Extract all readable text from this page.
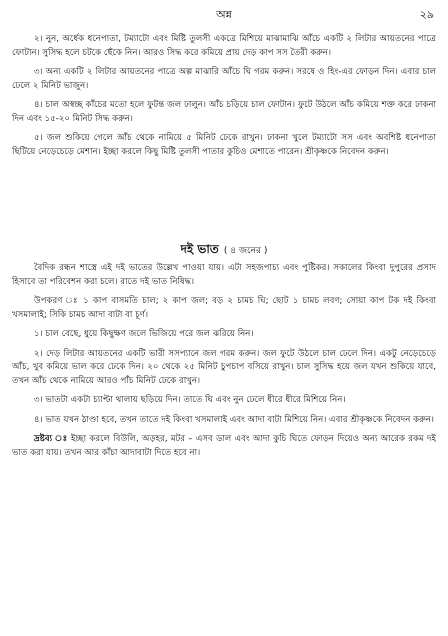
অন্ন	২৯

২। নুন, অর্ধেক ধনেপাতা, টম্যাটো এবং মিষ্টি তুলসী একত্রে মিশিয়ে মাঝামাঝি আঁচে একটি ২ লিটার আয়তনের পাত্রে ফোটান। সুসিদ্ধ হলে চটকে ছেঁকে নিন। আরও সিদ্ধ করে কমিয়ে প্রায় দেড় কাপ সস তৈরী করুন।

৩। অন্য একটি ২ লিটার আয়তনের পাত্রে অল্প মাঝারি আঁচে ঘি গরম করুন। সরষে ও হিং-এর ফোড়ন দিন। এবার চাল ঢেলে ২ মিনিট ভাজুন।

৪। চাল অস্বচ্ছ কাঁচের মতো হলে ফুটন্ত জল ঢালুন। আঁচ চড়িয়ে চাল ফোটান। ফুটে উঠলে আঁচ কমিয়ে শক্ত করে ঢাকনা দিন এবং ১৫-২০ মিনিট সিদ্ধ করুন।

৫। জল শুকিয়ে গেলে আঁচ থেকে নামিয়ে ৫ মিনিট ঢেকে রাখুন। ঢাকনা খুলে টম্যাটো সস এবং অবশিষ্ট ধনেপাতা ছিটিয়ে নেড়েচেড়ে মেশান। ইচ্ছা করলে কিছু মিষ্টি তুলসী পাতার কুচিও মেশাতে পারেন। শ্রীকৃষ্ণকে নিবেদন করুন।

দই ভাত ( ৪ জনের )

বৈদিক রন্ধন শাস্ত্রে এই দই ভাতের উল্লেখ পাওয়া যায়। এটা সহজপাচ্য এবং পুষ্টিকর। সকালের কিংবা দুপুরের প্রসাদ হিসাবে তা পরিবেশন করা চলে। রাতে দই ভাত নিষিদ্ধ।

উপকরণ ঃ ১ কাপ বাসমতি চাল; ২ কাপ জল; বড় ২ চামচ ঘি; ছোট ১ চামচ লবণ; সোয়া কাপ টক দই কিংবা খসমালাই; সিকি চামচ আদা বাটা বা চূর্ণ।

১। চাল বেছে, ধুয়ে কিছুক্ষণ জলে ভিজিয়ে পরে জল ঝরিয়ে নিন।

২। দেড় লিটার আয়তনের একটি ভারী সসপ্যানে জল গরম করুন। জল ফুটে উঠলে চাল ঢেলে দিন। একটু নেড়েচেড়ে আঁচ, খুব কমিয়ে ভাল করে ঢেকে দিন। ২০ থেকে ২৫ মিনিট চুপচাপ বসিয়ে রাখুন। চাল সুসিদ্ধ হয়ে জল যখন শুকিয়ে যাবে, তখন আঁচ থেকে নামিয়ে আরও পাঁচ মিনিট ঢেকে রাখুন।

৩। ভাতটা একটা চ্যাপ্টা থালায় ছড়িয়ে দিন। তাতে ঘি এবং নুন ঢেলে ধীরে ধীরে মিশিয়ে নিন।

৪। ভাত যখন ঠাণ্ডা হবে, তখন তাতে দই কিংবা খসমালাই এবং আদা বাটা মিশিয়ে নিন। এবার শ্রীকৃষ্ণকে নিবেদন করুন।

দ্রষ্টব্য ঃ ইচ্ছা করলে বিউলি, অড়হর, মটর – এসব ডাল এবং আদা কুচি ঘিতে ফোড়ন দিয়েও অন্য আরেক রকম দই ভাত করা যায়। তখন আর কাঁচা আদাবাটা দিতে হবে না।
